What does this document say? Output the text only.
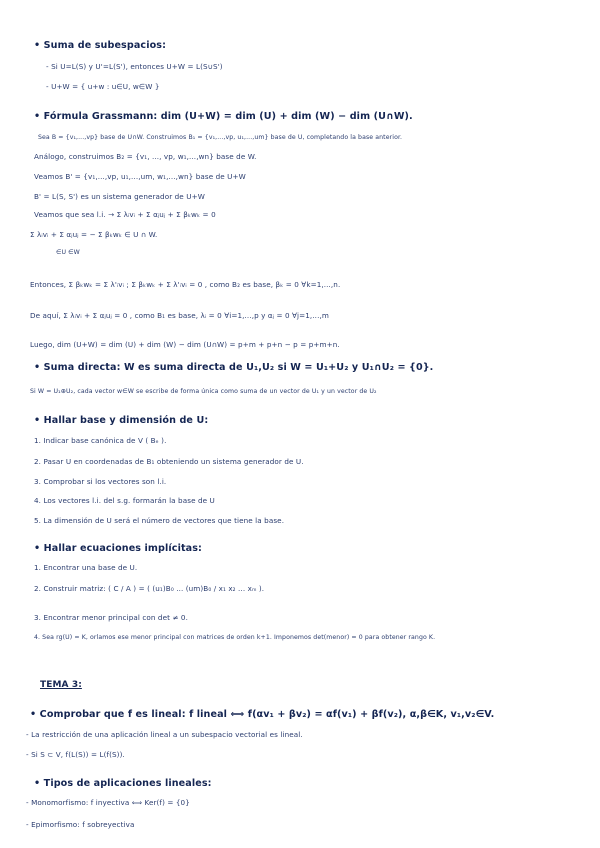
• Suma de subespacios:
- Si U=L(S) y U'=L(S'), entonces U+W = L(S∪S')
- U+W = { u+w : u∈U, w∈W }
• Fórmula Grassmann: dim (U+W) = dim (U) + dim (W) − dim (U∩W).
Sea B = {v₁,...,vp} base de U∩W. Construimos B₁ = {v₁,...,vp, u₁,...,um} base de U, completando la base anterior.
Análogo, construimos B₂ = {v₁, ..., vp, w₁,...,wn} base de W.
Veamos B' = {v₁,...,vp, u₁,...,um, w₁,...,wn} base de U+W
B' = L(S, S') es un sistema generador de U+W
Veamos que sea l.i. → Σ λᵢvᵢ + Σ αⱼuⱼ + Σ βₖwₖ = 0
Σ λᵢvᵢ + Σ αⱼuⱼ = − Σ βₖwₖ ∈ U ∩ W.
∈U ∈W
Entonces, Σ βₖwₖ = Σ λ'ᵢvᵢ ; Σ βₖwₖ + Σ λ'ᵢvᵢ = 0 , como B₂ es base, βₖ = 0 ∀k=1,...,n.
De aquí, Σ λᵢvᵢ + Σ αⱼuⱼ = 0 , como B₁ es base, λᵢ = 0 ∀i=1,...,p y αⱼ = 0 ∀j=1,...,m
Luego, dim (U+W) = dim (U) + dim (W) − dim (U∩W) = p+m + p+n − p = p+m+n.
• Suma directa: W es suma directa de U₁,U₂ si W = U₁+U₂ y U₁∩U₂ = {0}.
Si W = U₁⊕U₂, cada vector w∈W se escribe de forma única como suma de un vector de U₁ y un vector de U₂
• Hallar base y dimensión de U:
1. Indicar base canónica de V ( Bₑ ).
2. Pasar U en coordenadas de B₁ obteniendo un sistema generador de U.
3. Comprobar si los vectores son l.i.
4. Los vectores l.i. del s.g. formarán la base de U
5. La dimensión de U será el número de vectores que tiene la base.
• Hallar ecuaciones implícitas:
1. Encontrar una base de U.
2. Construir matriz: ( C / A ) = ( (u₁)B₀ ... (um)B₀ / x₁ x₂ ... xₘ ).
3. Encontrar menor principal con det ≠ 0.
4. Sea rg(U) = K, orlamos ese menor principal con matrices de orden k+1. Imponemos det(menor) = 0 para obtener rango K.
TEMA 3:
• Comprobar que f es lineal: f lineal ⟺ f(αv₁ + βv₂) = αf(v₁) + βf(v₂), α,β∈K, v₁,v₂∈V.
- La restricción de una aplicación lineal a un subespacio vectorial es lineal.
- Si S ⊂ V, f(L(S)) = L(f(S)).
• Tipos de aplicaciones lineales:
- Monomorfismo: f inyectiva ⟺ Ker(f) = {0}
- Epimorfismo: f sobreyectiva
